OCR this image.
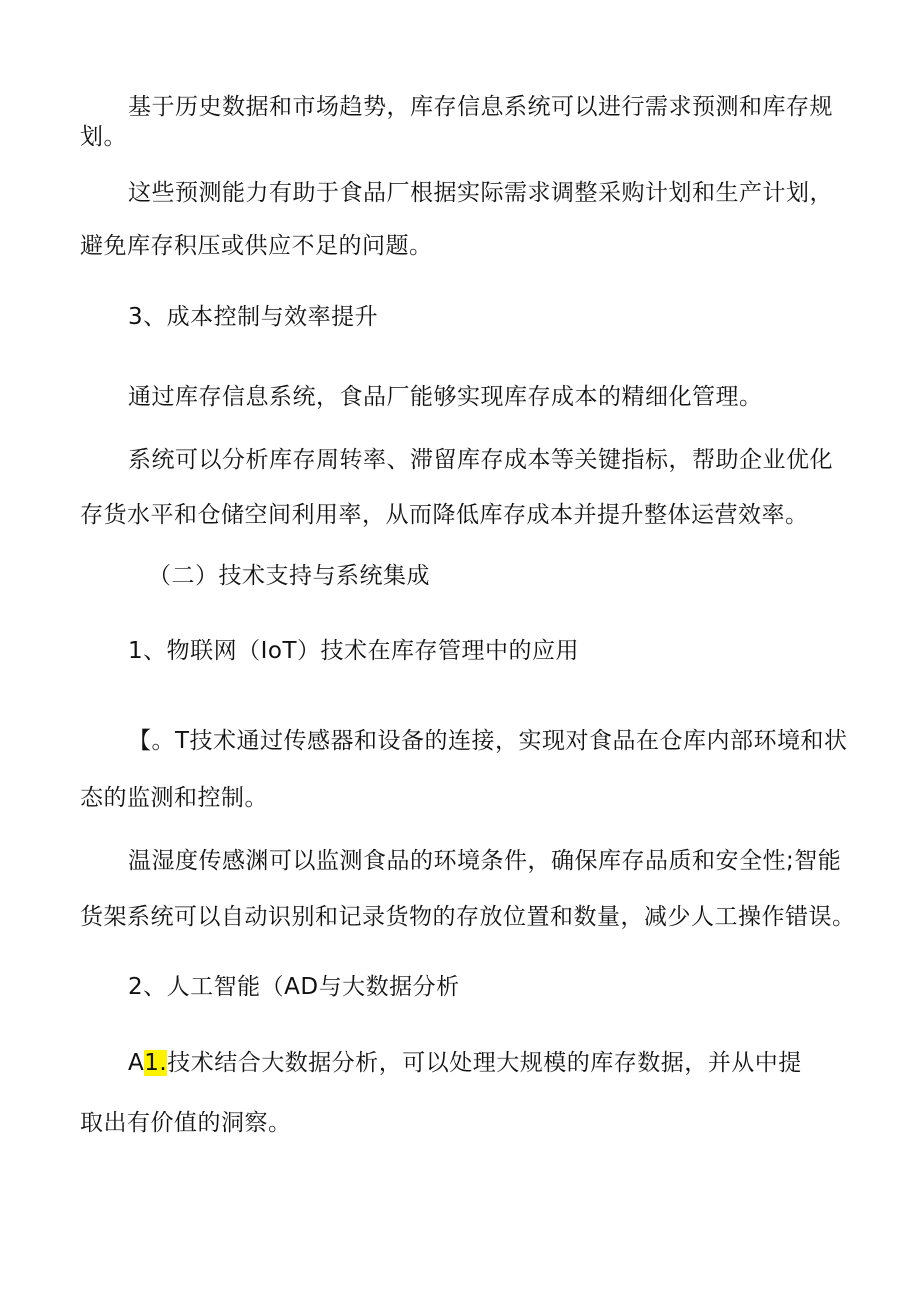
基于历史数据和市场趋势，库存信息系统可以进行需求预测和库存规
划。
这些预测能力有助于食品厂根据实际需求调整采购计划和生产计划，
避免库存积压或供应不足的问题。
3、成本控制与效率提升
通过库存信息系统，食品厂能够实现库存成本的精细化管理。
系统可以分析库存周转率、滞留库存成本等关键指标，帮助企业优化
存货水平和仓储空间利用率，从而降低库存成本并提升整体运营效率。
（二）技术支持与系统集成
1、物联网（IoT）技术在库存管理中的应用
【。T技术通过传感器和设备的连接，实现对食品在仓库内部环境和状
态的监测和控制。
温湿度传感渊可以监测食品的环境条件，确保库存品质和安全性;智能
货架系统可以自动识别和记录货物的存放位置和数量，减少人工操作错误。
2、人工智能（AD与大数据分析
A1.技术结合大数据分析，可以处理大规模的库存数据，并从中提
取出有价值的洞察。
